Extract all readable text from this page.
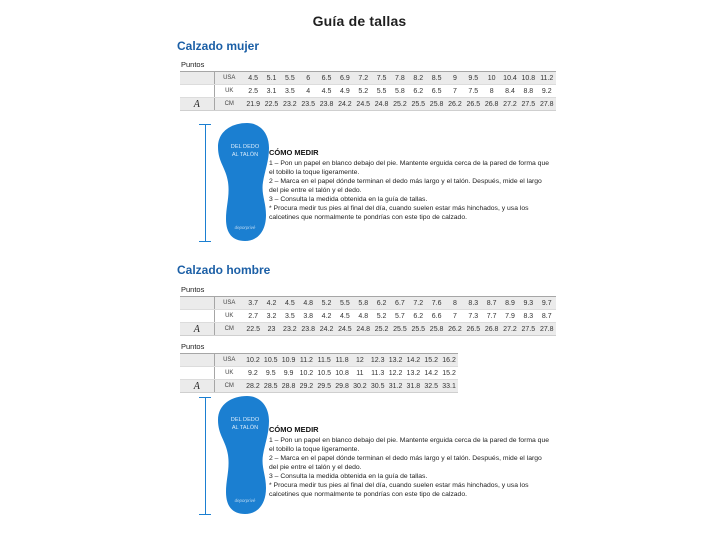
Guía de tallas
Calzado mujer
Puntos
	USA	4.5	5.1	5.5	6	6.5	6.9	7.2	7.5	7.8	8.2	8.5	9	9.5	10	10.4	10.8	11.2
	UK	2.5	3.1	3.5	4	4.5	4.9	5.2	5.5	5.8	6.2	6.5	7	7.5	8	8.4	8.8	9.2
A	CM	21.9	22.5	23.2	23.5	23.8	24.2	24.5	24.8	25.2	25.5	25.8	26.2	26.5	26.8	27.2	27.5	27.8
DEL DEDO
AL TALÓN
deporprivé
CÓMO MEDIR
1 – Pon un papel en blanco debajo del pie. Mantente erguida cerca de la pared de forma que el tobillo la toque ligeramente.
2 – Marca en el papel dónde terminan el dedo más largo y el talón. Después, mide el largo del pie entre el talón y el dedo.
3 – Consulta la medida obtenida en la guía de tallas.
* Procura medir tus pies al final del día, cuando suelen estar más hinchados, y usa los calcetines que normalmente te pondrías con este tipo de calzado.
Calzado hombre
Puntos
	USA	3.7	4.2	4.5	4.8	5.2	5.5	5.8	6.2	6.7	7.2	7.6	8	8.3	8.7	8.9	9.3	9.7
	UK	2.7	3.2	3.5	3.8	4.2	4.5	4.8	5.2	5.7	6.2	6.6	7	7.3	7.7	7.9	8.3	8.7
A	CM	22.5	23	23.2	23.8	24.2	24.5	24.8	25.2	25.5	25.5	25.8	26.2	26.5	26.8	27.2	27.5	27.8
Puntos
	USA	10.2	10.5	10.9	11.2	11.5	11.8	12	12.3	13.2	14.2	15.2	16.2
	UK	9.2	9.5	9.9	10.2	10.5	10.8	11	11.3	12.2	13.2	14.2	15.2
A	CM	28.2	28.5	28.8	29.2	29.5	29.8	30.2	30.5	31.2	31.8	32.5	33.1
DEL DEDO
AL TALÓN
deporprivé
CÓMO MEDIR
1 – Pon un papel en blanco debajo del pie. Mantente erguida cerca de la pared de forma que el tobillo la toque ligeramente.
2 – Marca en el papel dónde terminan el dedo más largo y el talón. Después, mide el largo del pie entre el talón y el dedo.
3 – Consulta la medida obtenida en la guía de tallas.
* Procura medir tus pies al final del día, cuando suelen estar más hinchados, y usa los calcetines que normalmente te pondrías con este tipo de calzado.
